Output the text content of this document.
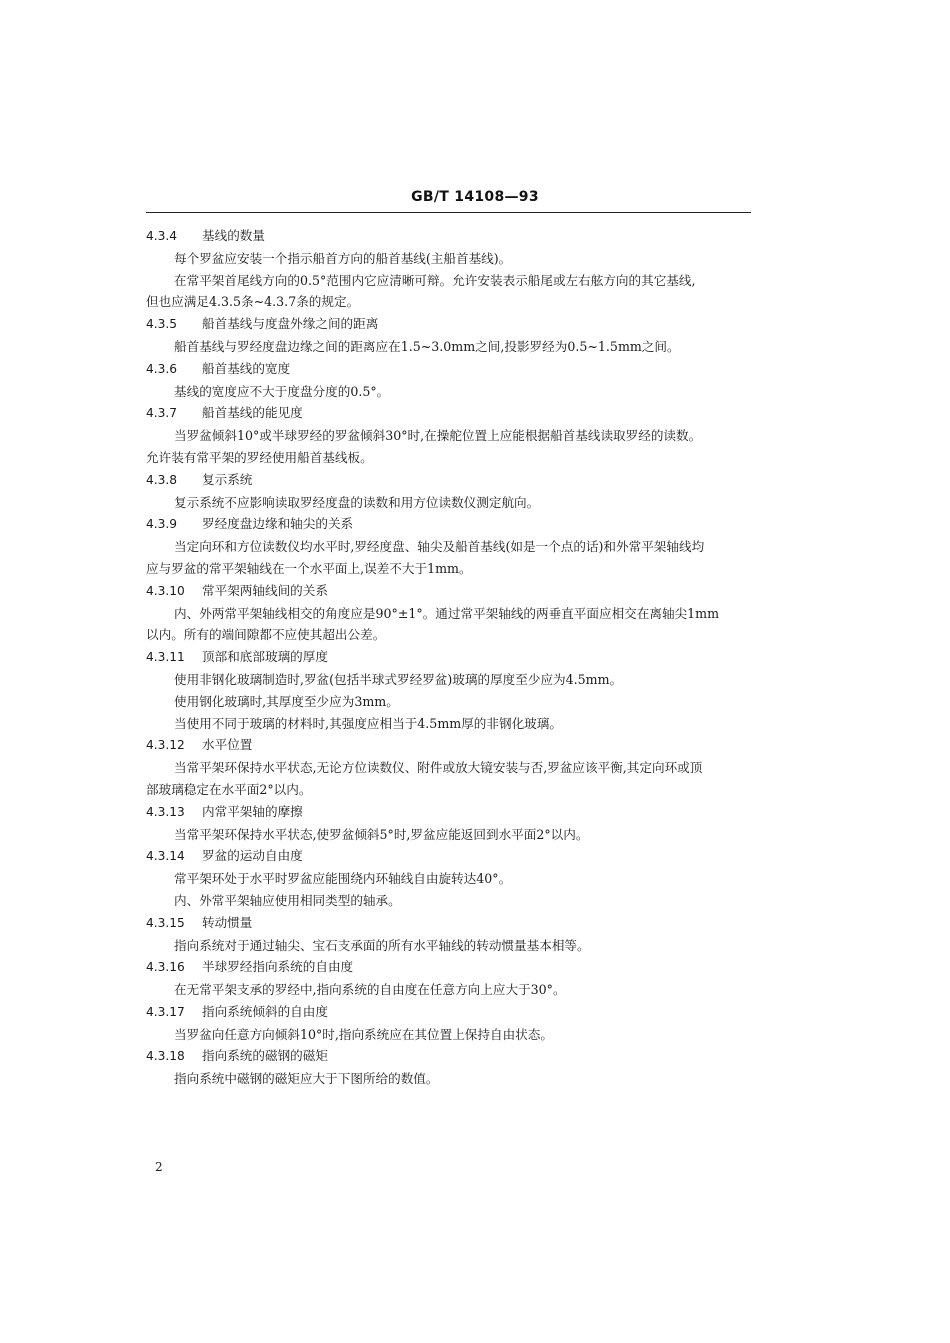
GB/T 14108—93
4.3.4 基线的数量
每个罗盆应安装一个指示船首方向的船首基线(主船首基线)。
在常平架首尾线方向的0.5°范围内它应清晰可辩。允许安装表示船尾或左右舷方向的其它基线,
但也应满足4.3.5条~4.3.7条的规定。
4.3.5 船首基线与度盘外缘之间的距离
船首基线与罗经度盘边缘之间的距离应在1.5~3.0mm之间,投影罗经为0.5~1.5mm之间。
4.3.6 船首基线的宽度
基线的宽度应不大于度盘分度的0.5°。
4.3.7 船首基线的能见度
当罗盆倾斜10°或半球罗经的罗盆倾斜30°时,在操舵位置上应能根据船首基线读取罗经的读数。
允许装有常平架的罗经使用船首基线板。
4.3.8 复示系统
复示系统不应影响读取罗经度盘的读数和用方位读数仪测定航向。
4.3.9 罗经度盘边缘和轴尖的关系
当定向环和方位读数仪均水平时,罗经度盘、轴尖及船首基线(如是一个点的话)和外常平架轴线均
应与罗盆的常平架轴线在一个水平面上,误差不大于1mm。
4.3.10 常平架两轴线间的关系
内、外两常平架轴线相交的角度应是90°±1°。通过常平架轴线的两垂直平面应相交在离轴尖1mm
以内。所有的端间隙都不应使其超出公差。
4.3.11 顶部和底部玻璃的厚度
使用非钢化玻璃制造时,罗盆(包括半球式罗经罗盆)玻璃的厚度至少应为4.5mm。
使用钢化玻璃时,其厚度至少应为3mm。
当使用不同于玻璃的材料时,其强度应相当于4.5mm厚的非钢化玻璃。
4.3.12 水平位置
当常平架环保持水平状态,无论方位读数仪、附件或放大镜安装与否,罗盆应该平衡,其定向环或顶
部玻璃稳定在水平面2°以内。
4.3.13 内常平架轴的摩擦
当常平架环保持水平状态,使罗盆倾斜5°时,罗盆应能返回到水平面2°以内。
4.3.14 罗盆的运动自由度
常平架环处于水平时罗盆应能围绕内环轴线自由旋转达40°。
内、外常平架轴应使用相同类型的轴承。
4.3.15 转动惯量
指向系统对于通过轴尖、宝石支承面的所有水平轴线的转动惯量基本相等。
4.3.16 半球罗经指向系统的自由度
在无常平架支承的罗经中,指向系统的自由度在任意方向上应大于30°。
4.3.17 指向系统倾斜的自由度
当罗盆向任意方向倾斜10°时,指向系统应在其位置上保持自由状态。
4.3.18 指向系统的磁钢的磁矩
指向系统中磁钢的磁矩应大于下图所给的数值。
2
